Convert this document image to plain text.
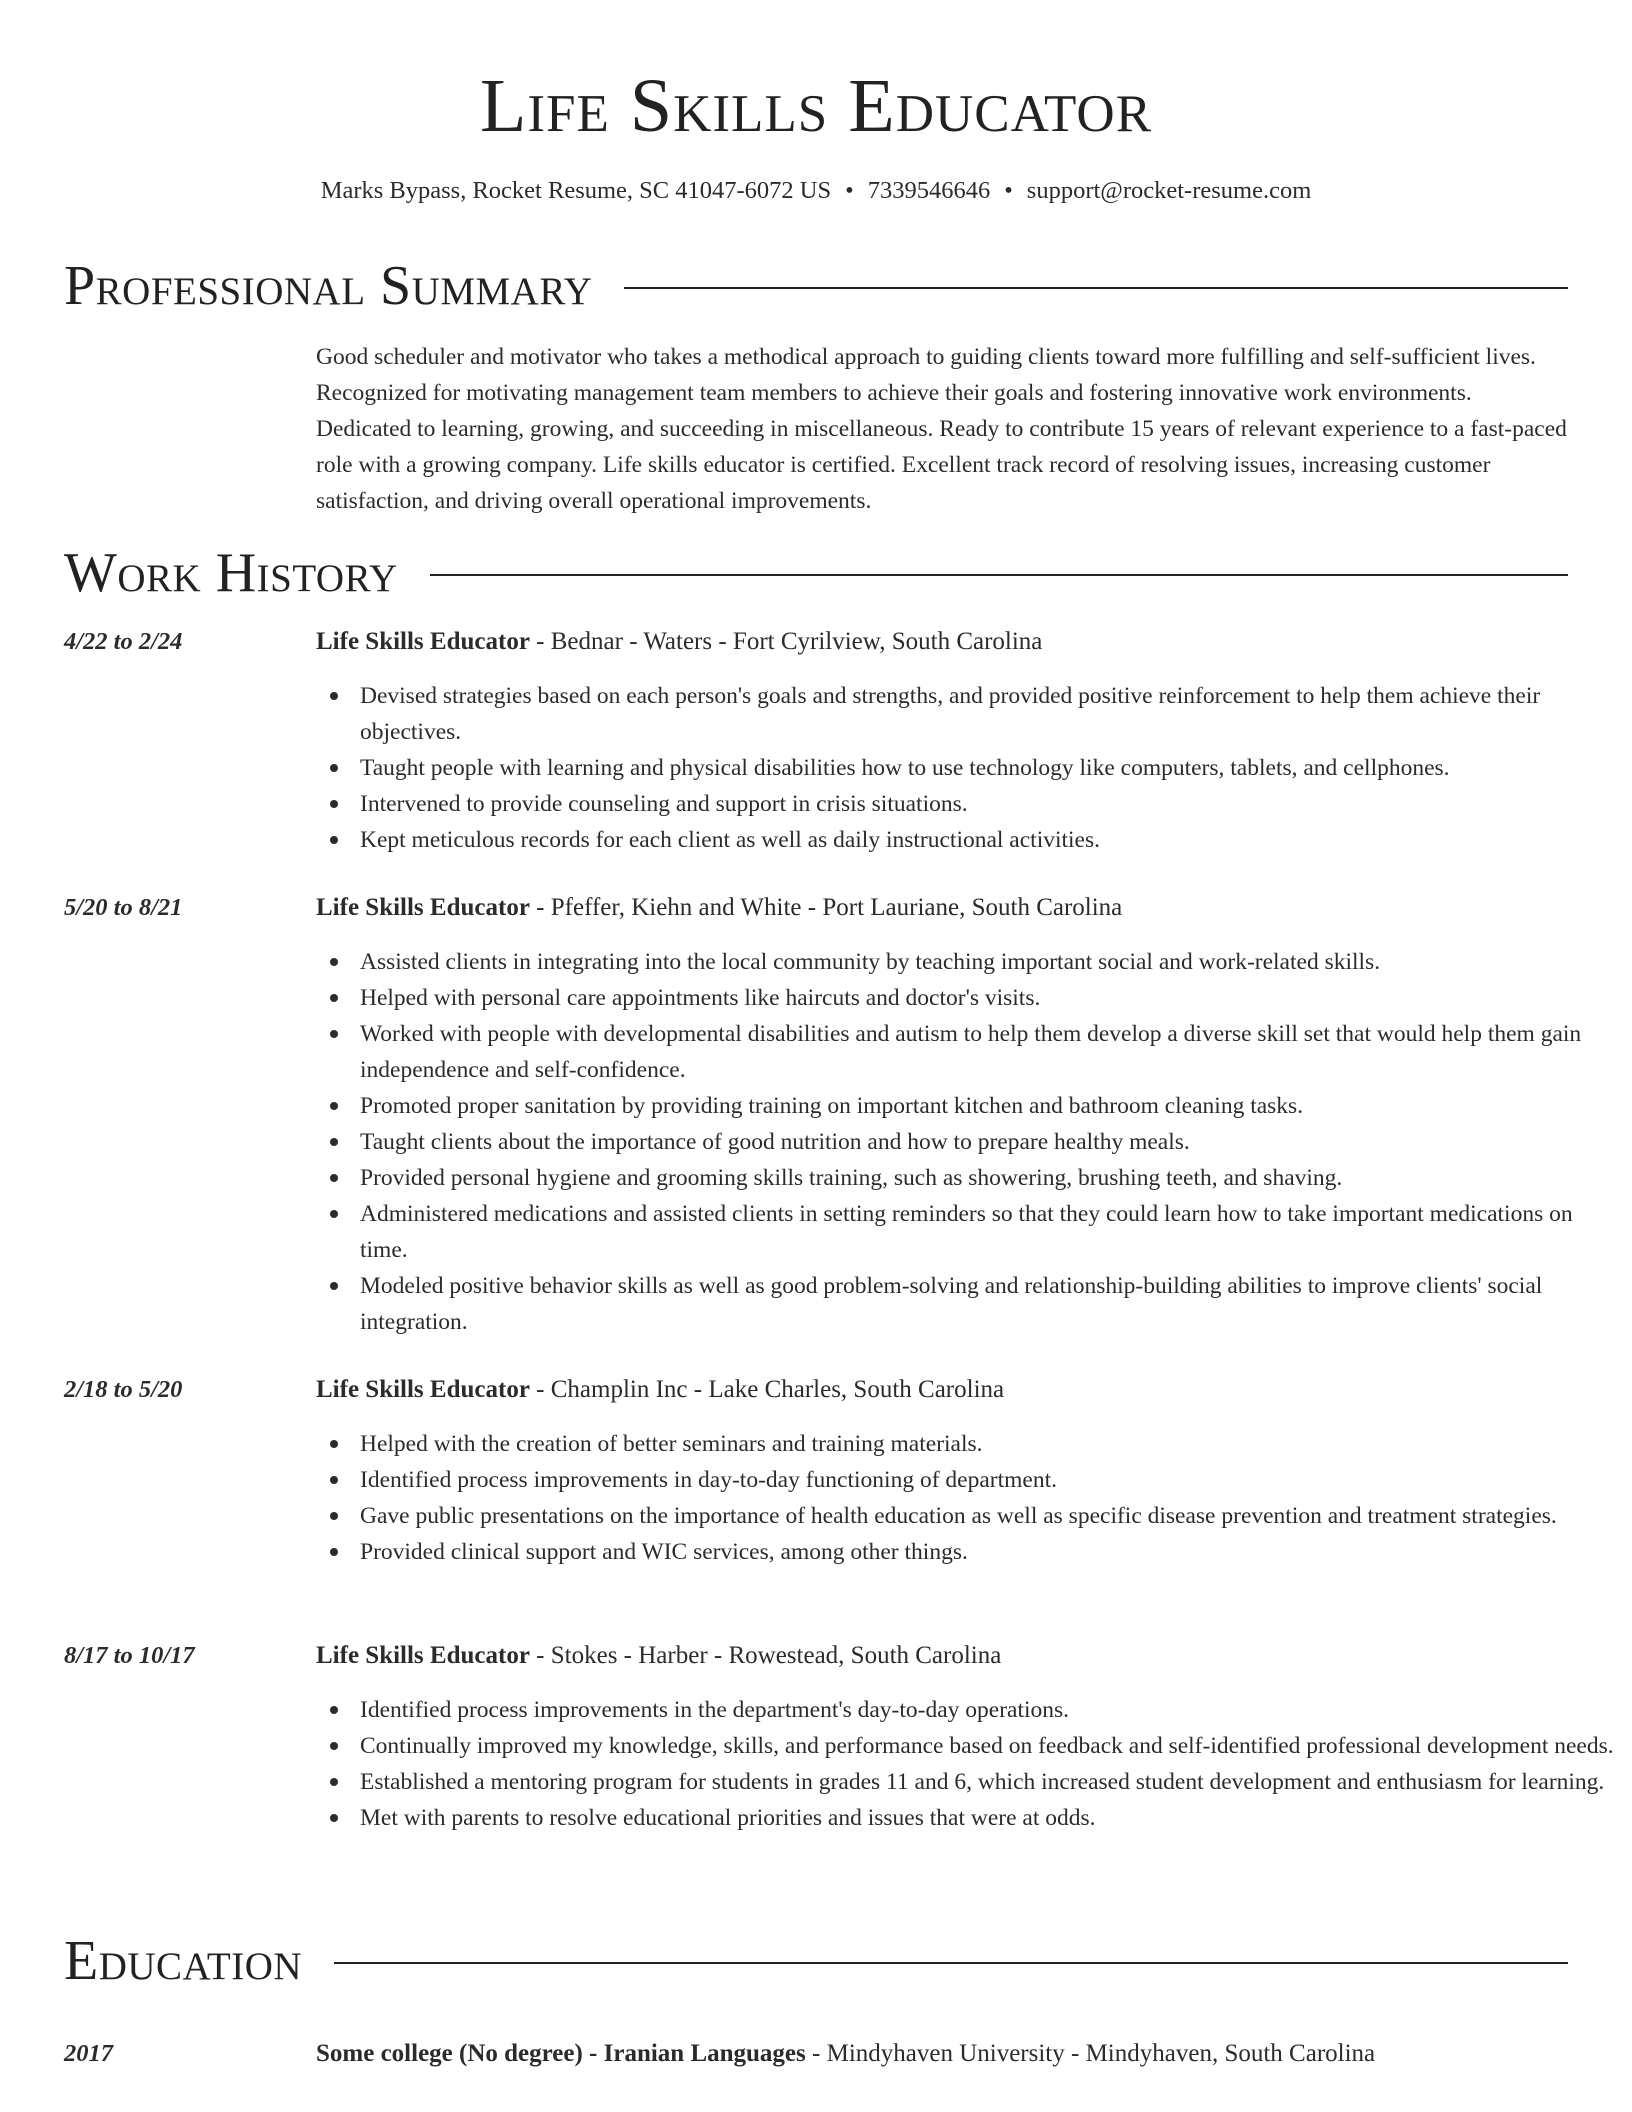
Life Skills Educator
Marks Bypass, Rocket Resume, SC 41047-6072 US • 7339546646 • support@rocket-resume.com
Professional Summary

Good scheduler and motivator who takes a methodical approach to guiding clients toward more fulfilling and self-sufficient lives. Recognized for motivating management team members to achieve their goals and fostering innovative work environments. Dedicated to learning, growing, and succeeding in miscellaneous. Ready to contribute 15 years of relevant experience to a fast-paced role with a growing company. Life skills educator is certified. Excellent track record of resolving issues, increasing customer satisfaction, and driving overall operational improvements.

Work History
4/22 to 2/24	Life Skills Educator - Bednar - Waters - Fort Cyrilview, South Carolina
Devised strategies based on each person's goals and strengths, and provided positive reinforcement to help them achieve their objectives.
Taught people with learning and physical disabilities how to use technology like computers, tablets, and cellphones.
Intervened to provide counseling and support in crisis situations.
Kept meticulous records for each client as well as daily instructional activities.
5/20 to 8/21	Life Skills Educator - Pfeffer, Kiehn and White - Port Lauriane, South Carolina
Assisted clients in integrating into the local community by teaching important social and work-related skills.
Helped with personal care appointments like haircuts and doctor's visits.
Worked with people with developmental disabilities and autism to help them develop a diverse skill set that would help them gain independence and self-confidence.
Promoted proper sanitation by providing training on important kitchen and bathroom cleaning tasks.
Taught clients about the importance of good nutrition and how to prepare healthy meals.
Provided personal hygiene and grooming skills training, such as showering, brushing teeth, and shaving.
Administered medications and assisted clients in setting reminders so that they could learn how to take important medications on time.
Modeled positive behavior skills as well as good problem-solving and relationship-building abilities to improve clients' social integration.
2/18 to 5/20	Life Skills Educator - Champlin Inc - Lake Charles, South Carolina
Helped with the creation of better seminars and training materials.
Identified process improvements in day-to-day functioning of department.
Gave public presentations on the importance of health education as well as specific disease prevention and treatment strategies.
Provided clinical support and WIC services, among other things.
8/17 to 10/17	Life Skills Educator - Stokes - Harber - Rowestead, South Carolina
Identified process improvements in the department's day-to-day operations.
Continually improved my knowledge, skills, and performance based on feedback and self-identified professional development needs.
Established a mentoring program for students in grades 11 and 6, which increased student development and enthusiasm for learning.
Met with parents to resolve educational priorities and issues that were at odds.
Education
2017	Some college (No degree) - Iranian Languages - Mindyhaven University - Mindyhaven, South Carolina
